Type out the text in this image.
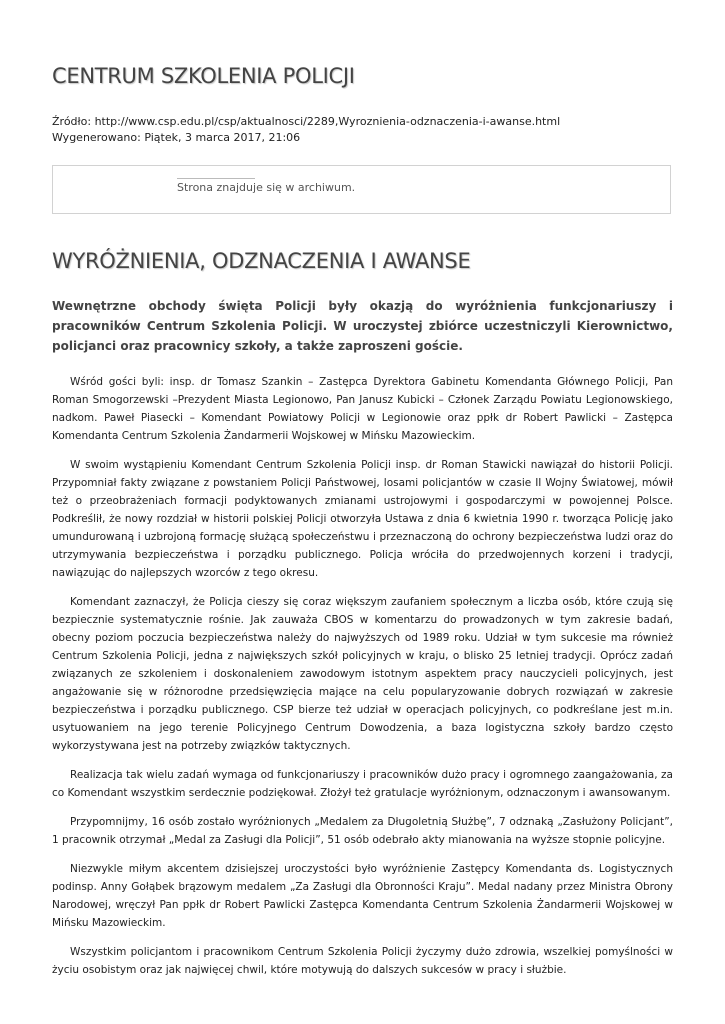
CENTRUM SZKOLENIA POLICJI
Źródło: http://www.csp.edu.pl/csp/aktualnosci/2289,Wyroznienia-odznaczenia-i-awanse.html
Wygenerowano: Piątek, 3 marca 2017, 21:06
Strona znajduje się w archiwum.
WYRÓŻNIENIA, ODZNACZENIA I AWANSE

Wewnętrzne obchody święta Policji były okazją do wyróżnienia funkcjonariuszy i pracowników Centrum Szkolenia Policji. W uroczystej zbiórce uczestniczyli Kierownictwo, policjanci oraz pracownicy szkoły, a także zaproszeni goście.

Wśród gości byli: insp. dr Tomasz Szankin – Zastępca Dyrektora Gabinetu Komendanta Głównego Policji, Pan Roman Smogorzewski –Prezydent Miasta Legionowo, Pan Janusz Kubicki – Członek Zarządu Powiatu Legionowskiego, nadkom. Paweł Piasecki – Komendant Powiatowy Policji w Legionowie oraz ppłk dr Robert Pawlicki – Zastępca Komendanta Centrum Szkolenia Żandarmerii Wojskowej w Mińsku Mazowieckim.

W swoim wystąpieniu Komendant Centrum Szkolenia Policji insp. dr Roman Stawicki nawiązał do historii Policji. Przypomniał fakty związane z powstaniem Policji Państwowej, losami policjantów w czasie II Wojny Światowej, mówił też o przeobrażeniach formacji podyktowanych zmianami ustrojowymi i gospodarczymi w powojennej Polsce. Podkreślił, że nowy rozdział w historii polskiej Policji otworzyła Ustawa z dnia 6 kwietnia 1990 r. tworząca Policję jako umundurowaną i uzbrojoną formację służącą społeczeństwu i przeznaczoną do ochrony bezpieczeństwa ludzi oraz do utrzymywania bezpieczeństwa i porządku publicznego. Policja wróciła do przedwojennych korzeni i tradycji, nawiązując do najlepszych wzorców z tego okresu.

Komendant zaznaczył, że Policja cieszy się coraz większym zaufaniem społecznym a liczba osób, które czują się bezpiecznie systematycznie rośnie. Jak zauważa CBOS w komentarzu do prowadzonych w tym zakresie badań, obecny poziom poczucia bezpieczeństwa należy do najwyższych od 1989 roku. Udział w tym sukcesie ma również Centrum Szkolenia Policji, jedna z największych szkół policyjnych w kraju, o blisko 25 letniej tradycji. Oprócz zadań związanych ze szkoleniem i doskonaleniem zawodowym istotnym aspektem pracy nauczycieli policyjnych, jest angażowanie się w różnorodne przedsięwzięcia mające na celu popularyzowanie dobrych rozwiązań w zakresie bezpieczeństwa i porządku publicznego. CSP bierze też udział w operacjach policyjnych, co podkreślane jest m.in. usytuowaniem na jego terenie Policyjnego Centrum Dowodzenia, a baza logistyczna szkoły bardzo często wykorzystywana jest na potrzeby związków taktycznych.

Realizacja tak wielu zadań wymaga od funkcjonariuszy i pracowników dużo pracy i ogromnego zaangażowania, za co Komendant wszystkim serdecznie podziękował. Złożył też gratulacje wyróżnionym, odznaczonym i awansowanym.

Przypomnijmy, 16 osób zostało wyróżnionych „Medalem za Długoletnią Służbę”, 7 odznaką „Zasłużony Policjant”, 1 pracownik otrzymał „Medal za Zasługi dla Policji”, 51 osób odebrało akty mianowania na wyższe stopnie policyjne.

Niezwykle miłym akcentem dzisiejszej uroczystości było wyróżnienie Zastępcy Komendanta ds. Logistycznych podinsp. Anny Gołąbek brązowym medalem „Za Zasługi dla Obronności Kraju”. Medal nadany przez Ministra Obrony Narodowej, wręczył Pan ppłk dr Robert Pawlicki Zastępca Komendanta Centrum Szkolenia Żandarmerii Wojskowej w Mińsku Mazowieckim.

Wszystkim policjantom i pracownikom Centrum Szkolenia Policji życzymy dużo zdrowia, wszelkiej pomyślności w życiu osobistym oraz jak najwięcej chwil, które motywują do dalszych sukcesów w pracy i służbie.
